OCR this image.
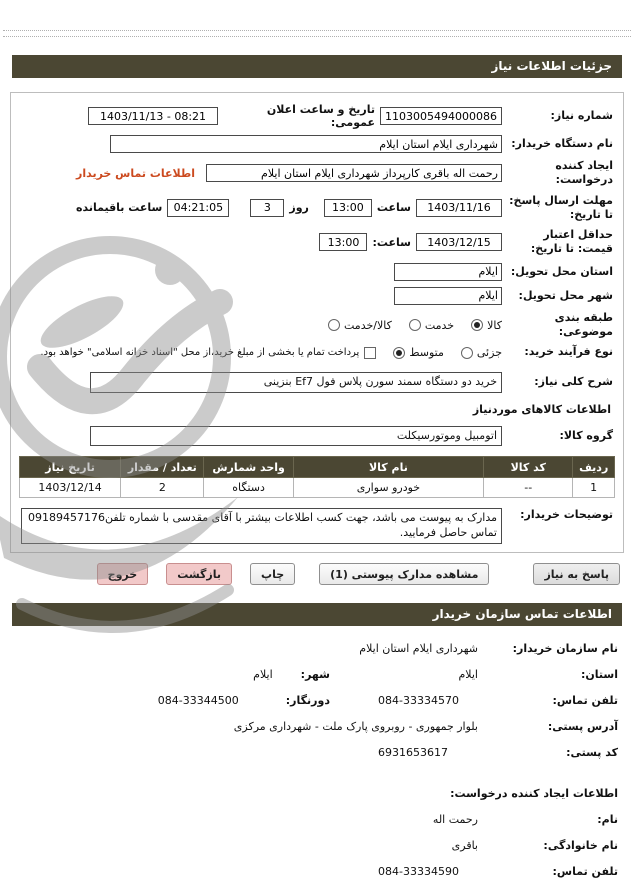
جزئیات اطلاعات نیاز
شماره نیاز:
1103005494000086
تاریخ و ساعت اعلان عمومی:
1403/11/13 - 08:21
نام دستگاه خریدار:
شهرداری ایلام استان ایلام
ایجاد کننده درخواست:
رحمت اله باقری کارپرداز شهرداری ایلام استان ایلام
اطلاعات تماس خریدار
مهلت ارسال پاسخ: تا تاریخ:
1403/11/16
ساعت
13:00
روز
3
04:21:05
ساعت باقیمانده
حداقل اعتبار قیمت: تا تاریخ:
1403/12/15
ساعت:
13:00
استان محل تحویل:
ایلام
شهر محل تحویل:
ایلام
طبقه بندی موضوعی:
کالا
خدمت
کالا/خدمت
نوع فرآیند خرید:
جزئی
متوسط
پرداخت تمام یا بخشی از مبلغ خرید،از محل "اسناد خزانه اسلامی" خواهد بود.
شرح کلی نیاز:
خرید دو دستگاه سمند سورن پلاس فول Ef7 بنزینی
اطلاعات کالاهای موردنیاز
گروه کالا:
اتومبیل وموتورسیکلت
ردیف	کد کالا	نام کالا	واحد شمارش	تعداد / مقدار	تاریخ نیاز
1	--	خودرو سواری	دستگاه	2	1403/12/14
توضیحات خریدار:
مدارک به پیوست می باشد، جهت کسب اطلاعات بیشتر با آقای مقدسی با شماره تلفن09189457176 تماس حاصل فرمایید.
پاسخ به نیاز
مشاهده مدارک پیوستی (1)
چاپ
بازگشت
خروج
اطلاعات تماس سازمان خریدار
نام سازمان خریدار:
شهرداری ایلام استان ایلام
استان:
ایلام
شهر:
ایلام
تلفن تماس:
084-33334570
دورنگار:
084-33344500
آدرس پستی:
بلوار جمهوری - روبروی پارک ملت - شهرداری مرکزی
کد پستی:
6931653617
اطلاعات ایجاد کننده درخواست:
نام:
رحمت اله
نام خانوادگی:
باقری
تلفن تماس:
084-33334590
